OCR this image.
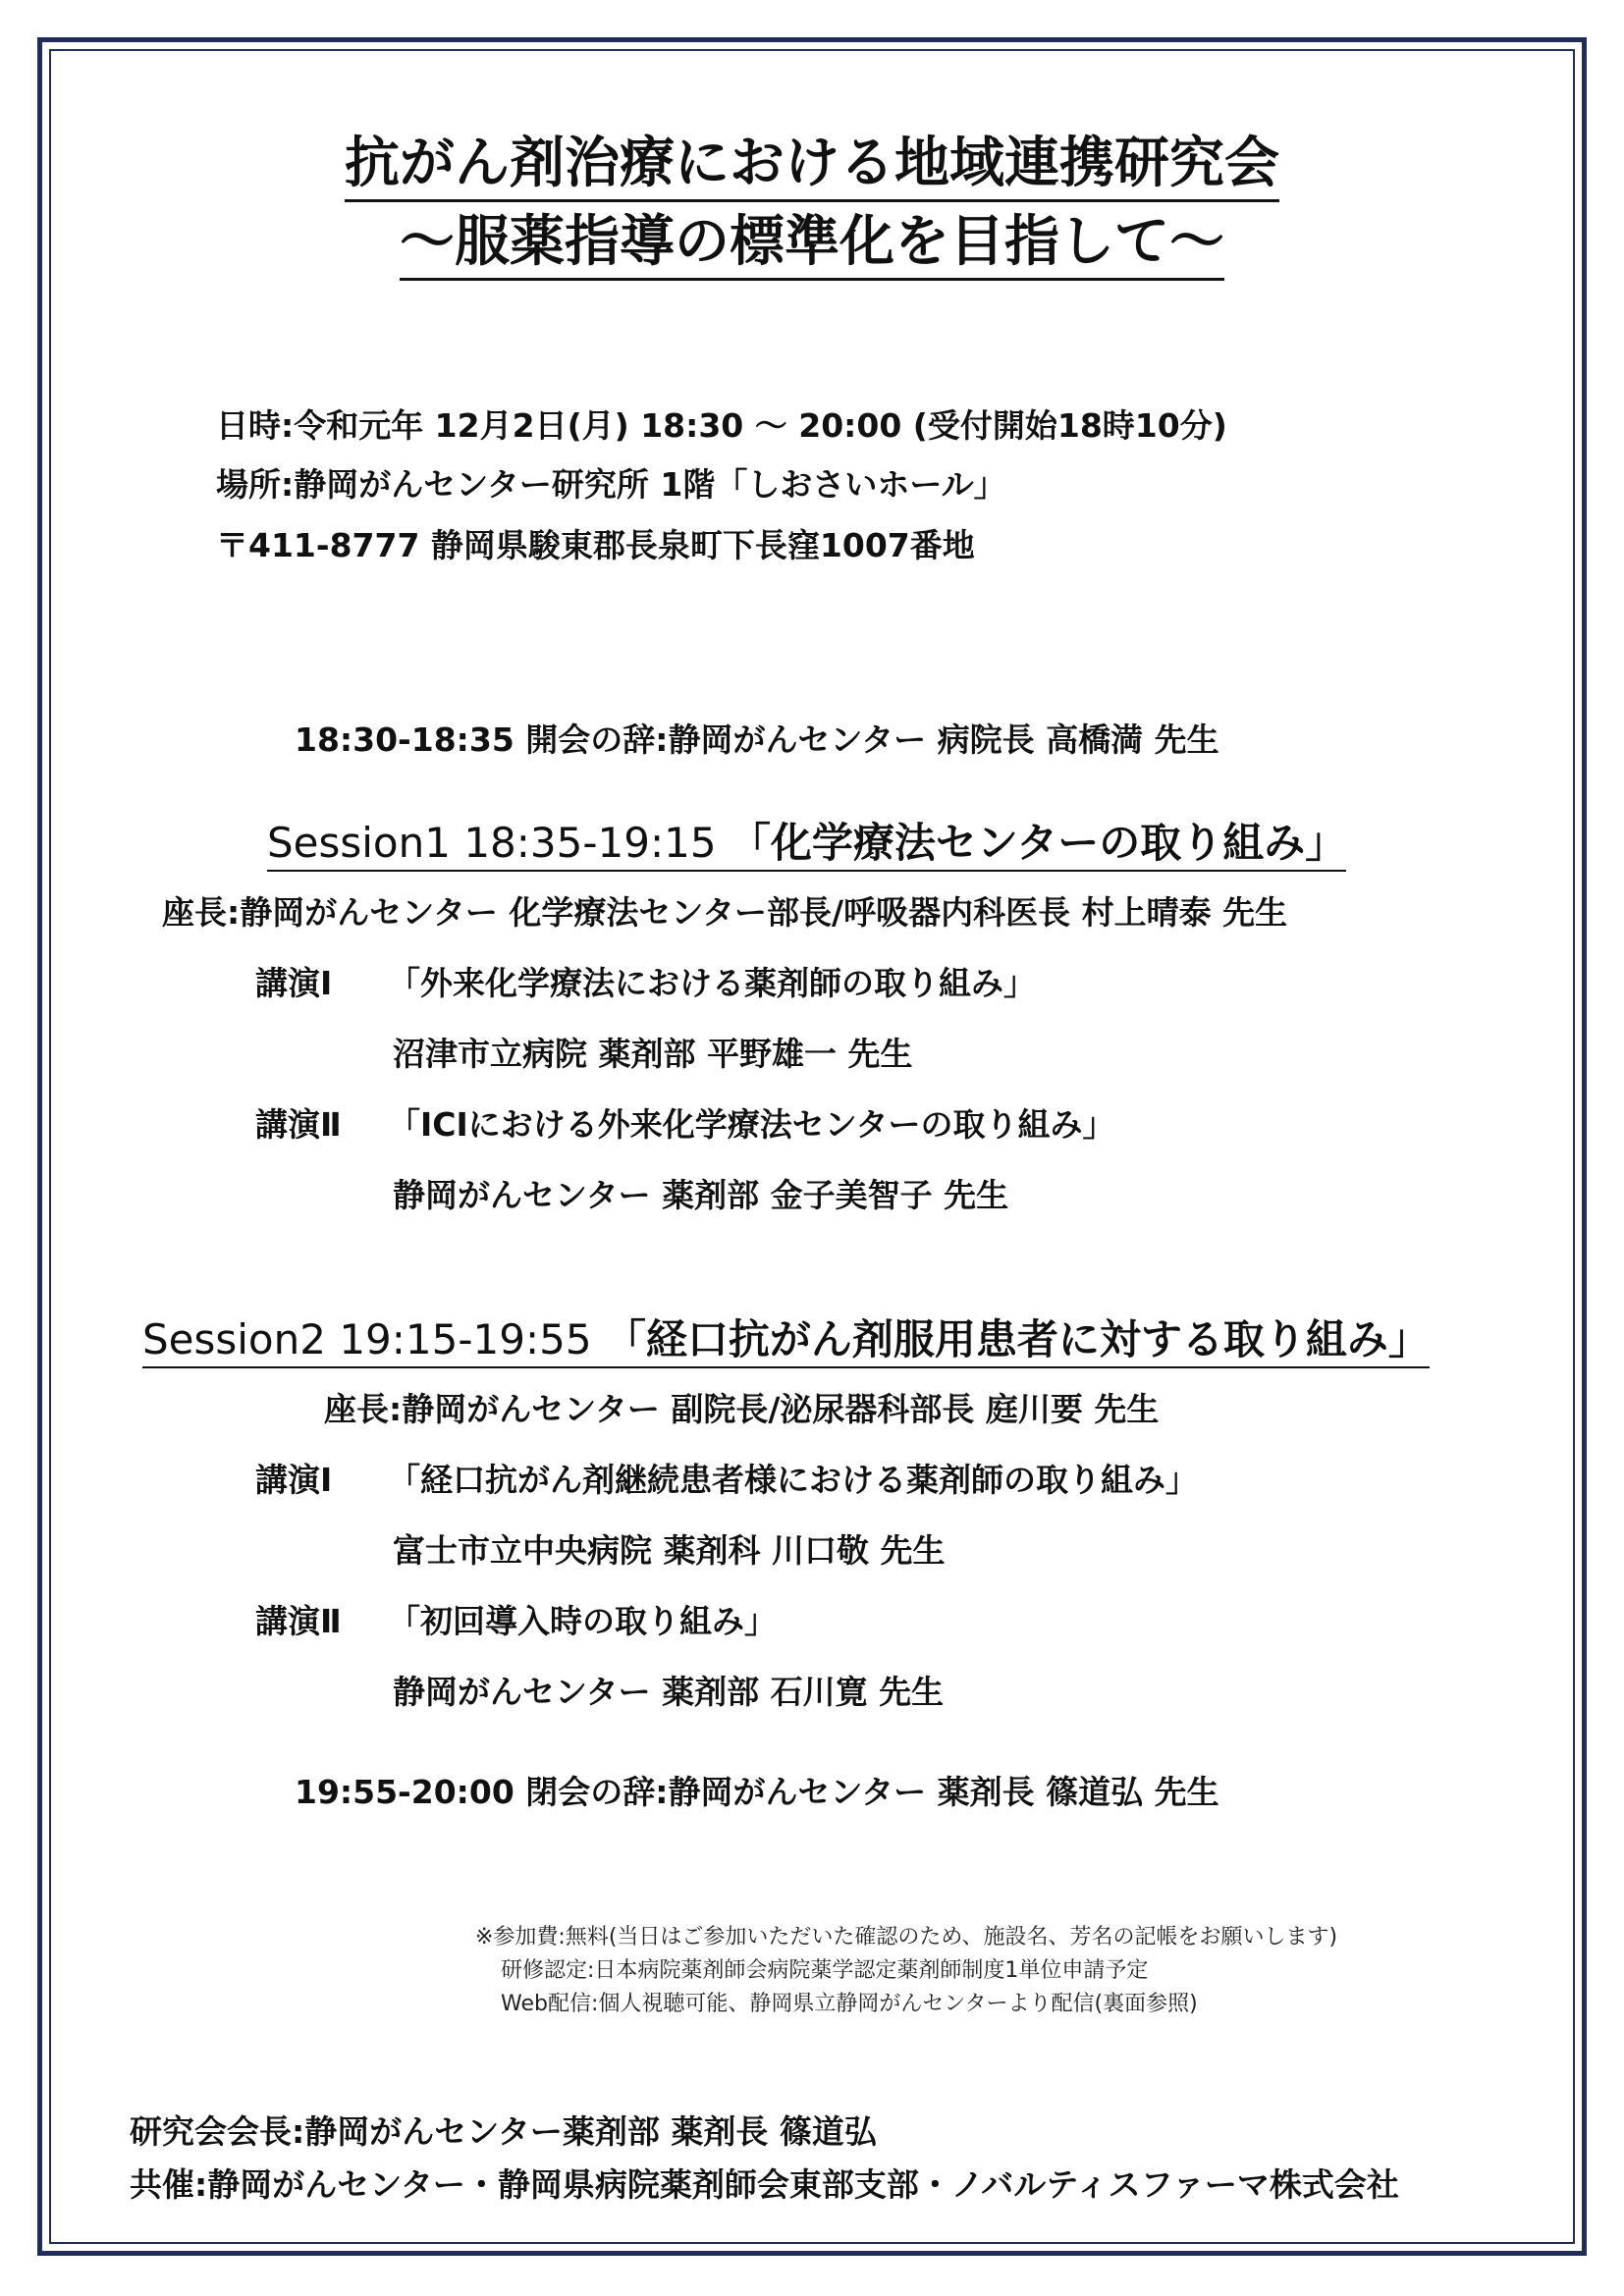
抗がん剤治療における地域連携研究会
～服薬指導の標準化を目指して～
日時:令和元年 12月2日(月) 18:30 ～ 20:00 (受付開始18時10分)
場所:静岡がんセンター研究所 1階「しおさいホール」
〒411-8777 静岡県駿東郡長泉町下長窪1007番地
18:30-18:35 開会の辞:静岡がんセンター 病院長 高橋満 先生
Session1 18:35-19:15 「化学療法センターの取り組み」
座長:静岡がんセンター 化学療法センター部長/呼吸器内科医長 村上晴泰 先生
講演Ⅰ 「外来化学療法における薬剤師の取り組み」
沼津市立病院 薬剤部 平野雄一 先生
講演Ⅱ 「ICIにおける外来化学療法センターの取り組み」
静岡がんセンター 薬剤部 金子美智子 先生
Session2 19:15-19:55 「経口抗がん剤服用患者に対する取り組み」
座長:静岡がんセンター 副院長/泌尿器科部長 庭川要 先生
講演Ⅰ 「経口抗がん剤継続患者様における薬剤師の取り組み」
富士市立中央病院 薬剤科 川口敬 先生
講演Ⅱ 「初回導入時の取り組み」
静岡がんセンター 薬剤部 石川寛 先生
19:55-20:00 閉会の辞:静岡がんセンター 薬剤長 篠道弘 先生
※参加費:無料(当日はご参加いただいた確認のため、施設名、芳名の記帳をお願いします)
研修認定:日本病院薬剤師会病院薬学認定薬剤師制度1単位申請予定
Web配信:個人視聴可能、静岡県立静岡がんセンターより配信(裏面参照)
研究会会長:静岡がんセンター薬剤部 薬剤長 篠道弘
共催:静岡がんセンター・静岡県病院薬剤師会東部支部・ノバルティスファーマ株式会社
